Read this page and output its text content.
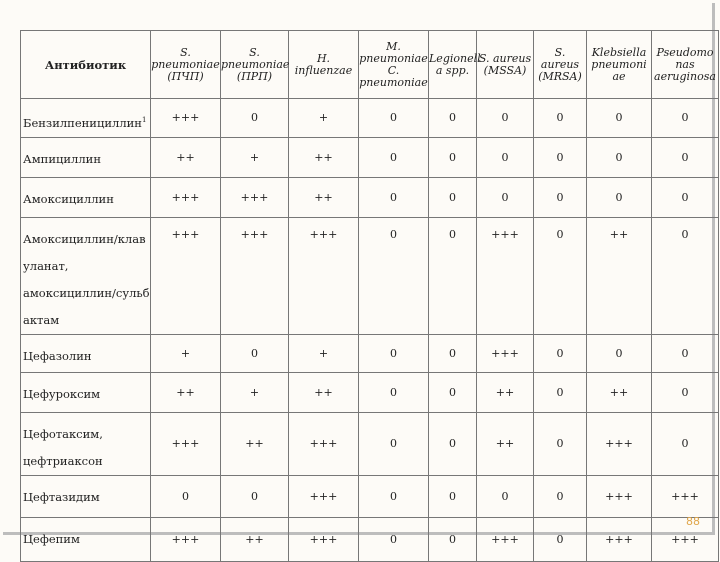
Антибиотик	S. pneumoniae (ПЧП)	S. pneumoniae (ПРП)	H. influenzae	M. pneumoniae C. pneumoniae	Legionell a spp.	S. aureus (MSSA)	S. aureus (MRSA)	Klebsiella pneumoni ae	Pseudomo nas aeruginosa
Бензилпенициллин$^1$	+++	0	+	0	0	0	0	0	0
Ампициллин	++	+	++	0	0	0	0	0	0
Амоксициллин	+++	+++	++	0	0	0	0	0	0
Амоксициллин/клав уланат, амоксициллин/сульб актам	+++	+++	+++	0	0	+++	0	++	0
Цефазолин	+	0	+	0	0	+++	0	0	0
Цефуроксим	++	+	++	0	0	++	0	++	0
Цефотаксим, цефтриаксон	+++	++	+++	0	0	++	0	+++	0
Цефтазидим	0	0	+++	0	0	0	0	+++	+++
Цефепим	+++	++	+++	0	0	+++	0	+++	+++
88
